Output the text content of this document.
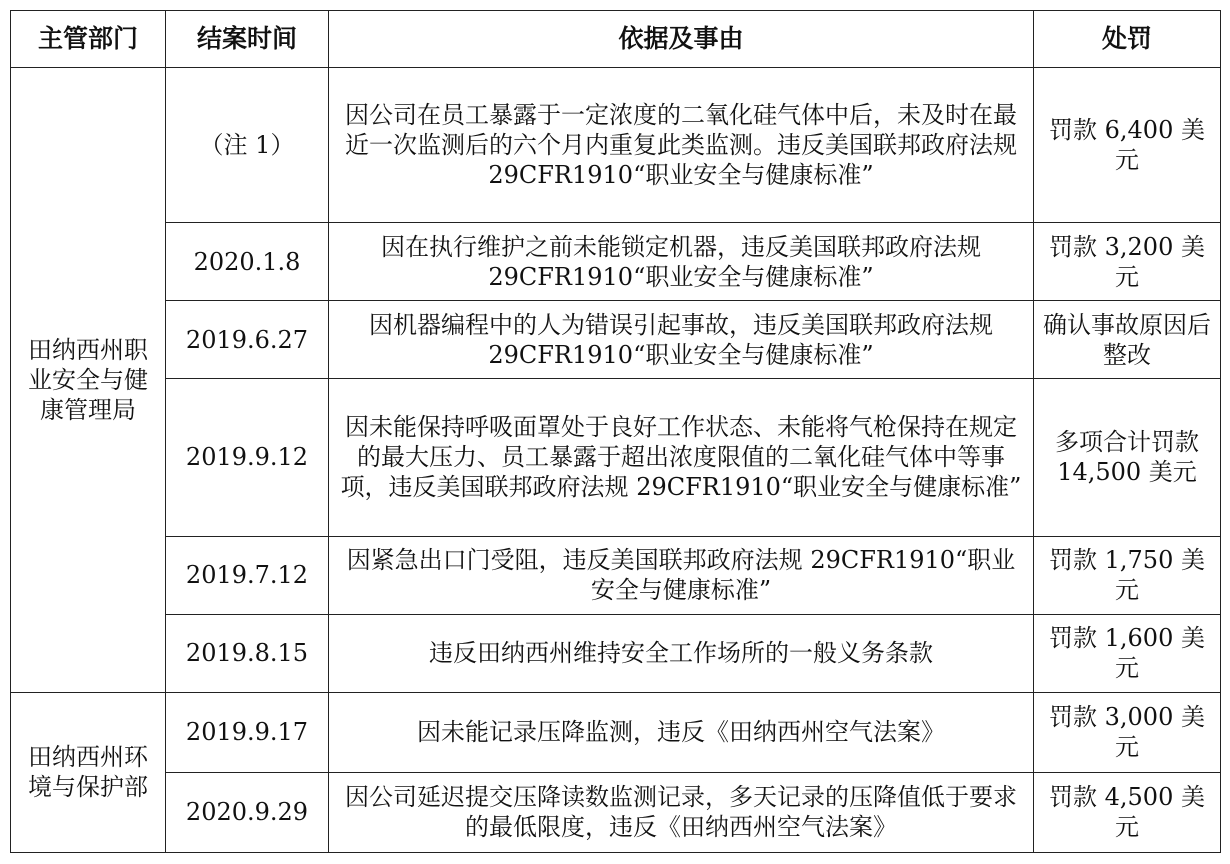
主管部门	结案时间	依据及事由	处罚
田纳西州职业安全与健康管理局	（注 1）	因公司在员工暴露于一定浓度的二氧化硅气体中后，未及时在最近一次监测后的六个月内重复此类监测。违反美国联邦政府法规 29CFR1910“职业安全与健康标准”	罚款 6,400 美元
	2020.1.8	因在执行维护之前未能锁定机器，违反美国联邦政府法规 29CFR1910“职业安全与健康标准”	罚款 3,200 美元
	2019.6.27	因机器编程中的人为错误引起事故，违反美国联邦政府法规 29CFR1910“职业安全与健康标准”	确认事故原因后整改
	2019.9.12	因未能保持呼吸面罩处于良好工作状态、未能将气枪保持在规定的最大压力、员工暴露于超出浓度限值的二氧化硅气体中等事项，违反美国联邦政府法规 29CFR1910“职业安全与健康标准”	多项合计罚款 14,500 美元
	2019.7.12	因紧急出口门受阻，违反美国联邦政府法规 29CFR1910“职业安全与健康标准”	罚款 1,750 美元
	2019.8.15	违反田纳西州维持安全工作场所的一般义务条款	罚款 1,600 美元
田纳西州环境与保护部	2019.9.17	因未能记录压降监测，违反《田纳西州空气法案》	罚款 3,000 美元
	2020.9.29	因公司延迟提交压降读数监测记录，多天记录的压降值低于要求的最低限度，违反《田纳西州空气法案》	罚款 4,500 美元
